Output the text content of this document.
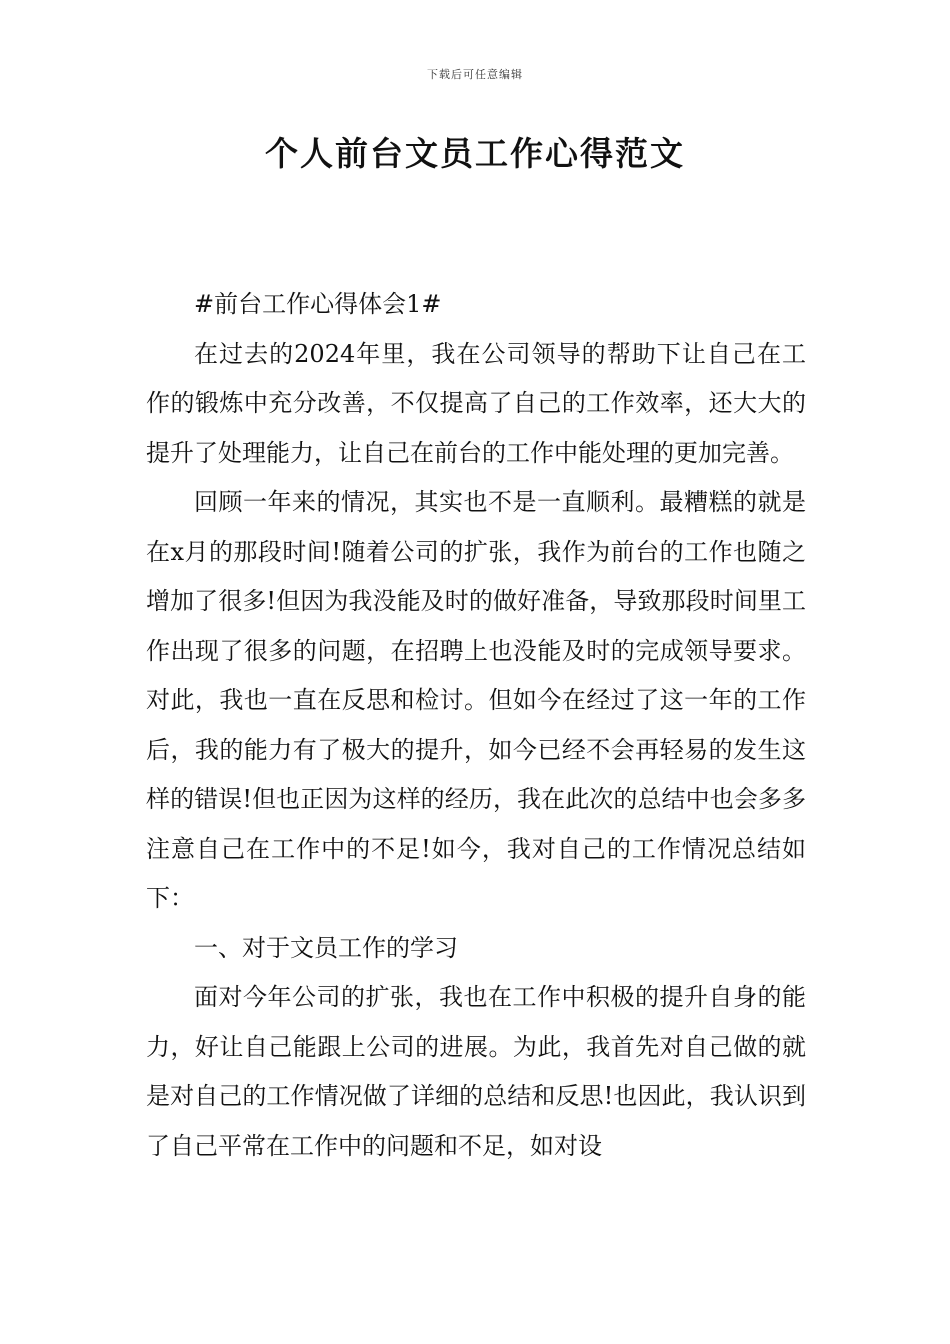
下载后可任意编辑
个人前台文员工作心得范文

#前台工作心得体会1#

在过去的2024年里，我在公司领导的帮助下让自己在工作的锻炼中充分改善，不仅提高了自己的工作效率，还大大的提升了处理能力，让自己在前台的工作中能处理的更加完善。

回顾一年来的情况，其实也不是一直顺利。最糟糕的就是在x月的那段时间!随着公司的扩张，我作为前台的工作也随之增加了很多!但因为我没能及时的做好准备，导致那段时间里工作出现了很多的问题，在招聘上也没能及时的完成领导要求。对此，我也一直在反思和检讨。但如今在经过了这一年的工作后，我的能力有了极大的提升，如今已经不会再轻易的发生这样的错误!但也正因为这样的经历，我在此次的总结中也会多多注意自己在工作中的不足!如今，我对自己的工作情况总结如下：

一、对于文员工作的学习

面对今年公司的扩张，我也在工作中积极的提升自身的能力，好让自己能跟上公司的进展。为此，我首先对自己做的就是对自己的工作情况做了详细的总结和反思!也因此，我认识到了自己平常在工作中的问题和不足，如对设
